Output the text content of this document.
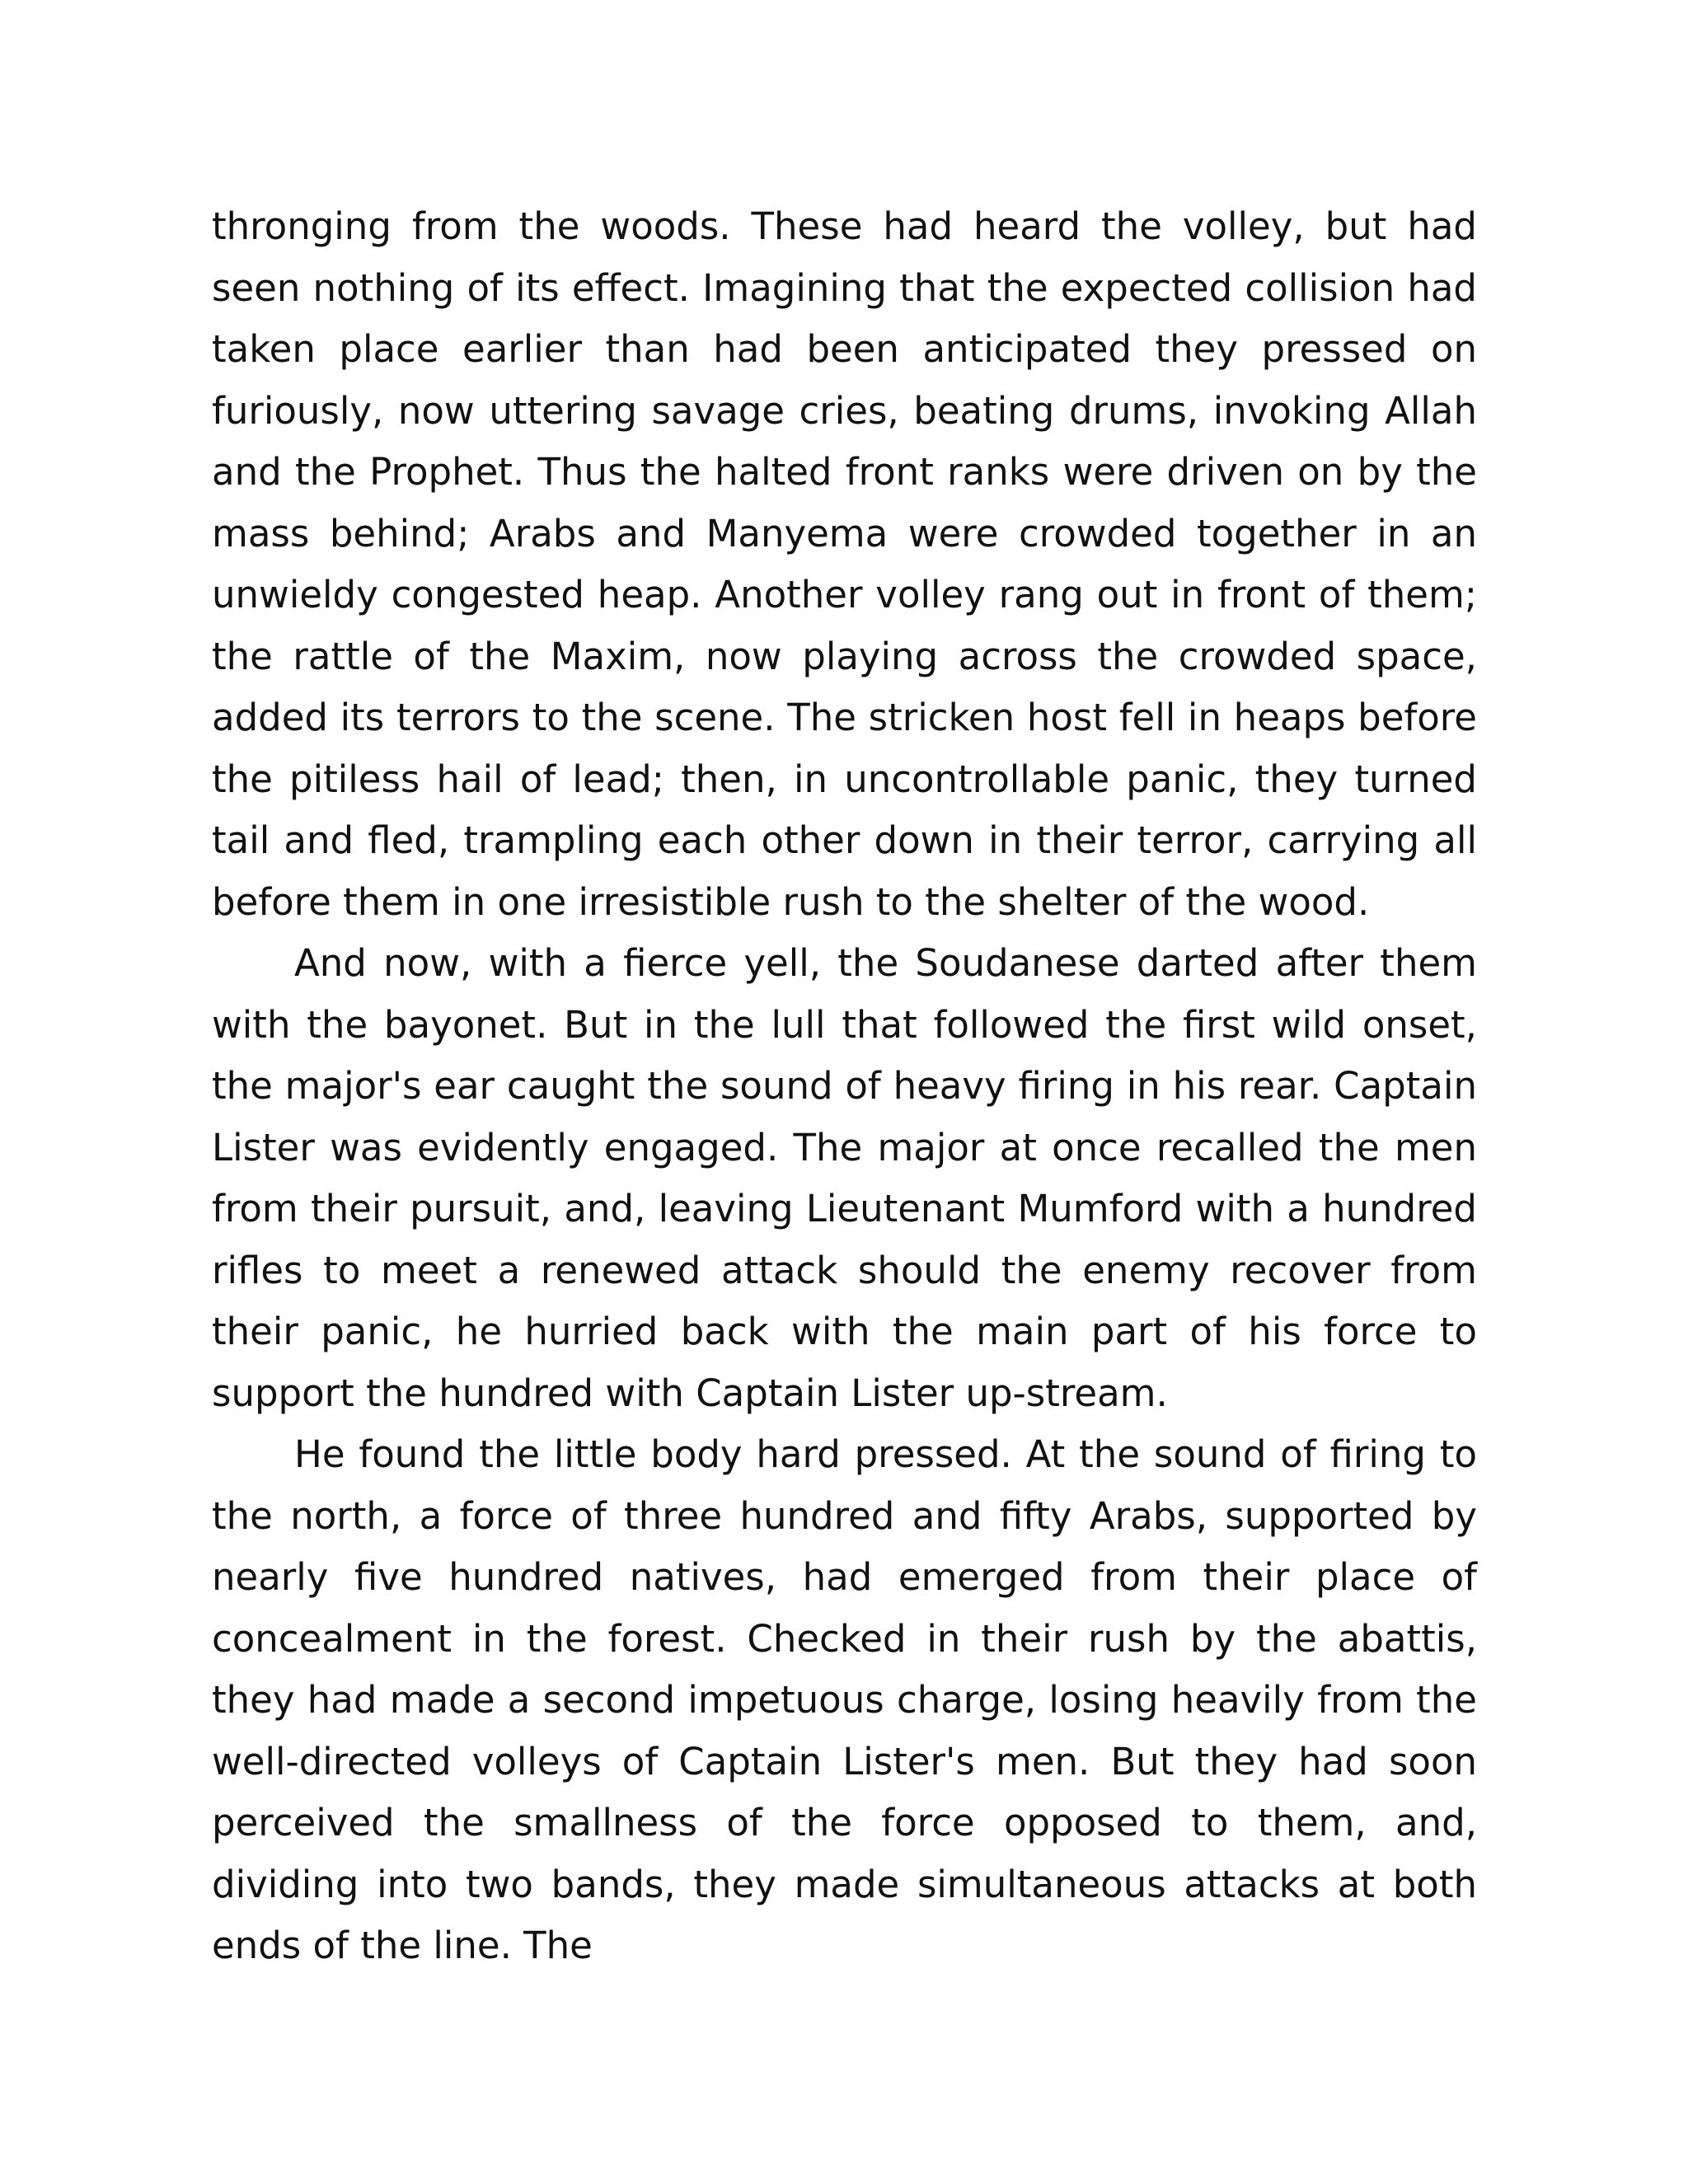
thronging from the woods. These had heard the volley, but had seen nothing of its effect. Imagining that the expected collision had taken place earlier than had been anticipated they pressed on furiously, now uttering savage cries, beating drums, invoking Allah and the Prophet. Thus the halted front ranks were driven on by the mass behind; Arabs and Manyema were crowded together in an unwieldy congested heap. Another volley rang out in front of them; the rattle of the Maxim, now playing across the crowded space, added its terrors to the scene. The stricken host fell in heaps before the pitiless hail of lead; then, in uncontrollable panic, they turned tail and fled, trampling each other down in their terror, carrying all before them in one irresistible rush to the shelter of the wood.

And now, with a fierce yell, the Soudanese darted after them with the bayonet. But in the lull that followed the first wild onset, the major's ear caught the sound of heavy firing in his rear. Captain Lister was evidently engaged. The major at once recalled the men from their pursuit, and, leaving Lieutenant Mumford with a hundred rifles to meet a renewed attack should the enemy recover from their panic, he hurried back with the main part of his force to support the hundred with Captain Lister up-stream.

He found the little body hard pressed. At the sound of firing to the north, a force of three hundred and fifty Arabs, supported by nearly five hundred natives, had emerged from their place of concealment in the forest. Checked in their rush by the abattis, they had made a second impetuous charge, losing heavily from the well-directed volleys of Captain Lister's men. But they had soon perceived the smallness of the force opposed to them, and, dividing into two bands, they made simultaneous attacks at both ends of the line. The
